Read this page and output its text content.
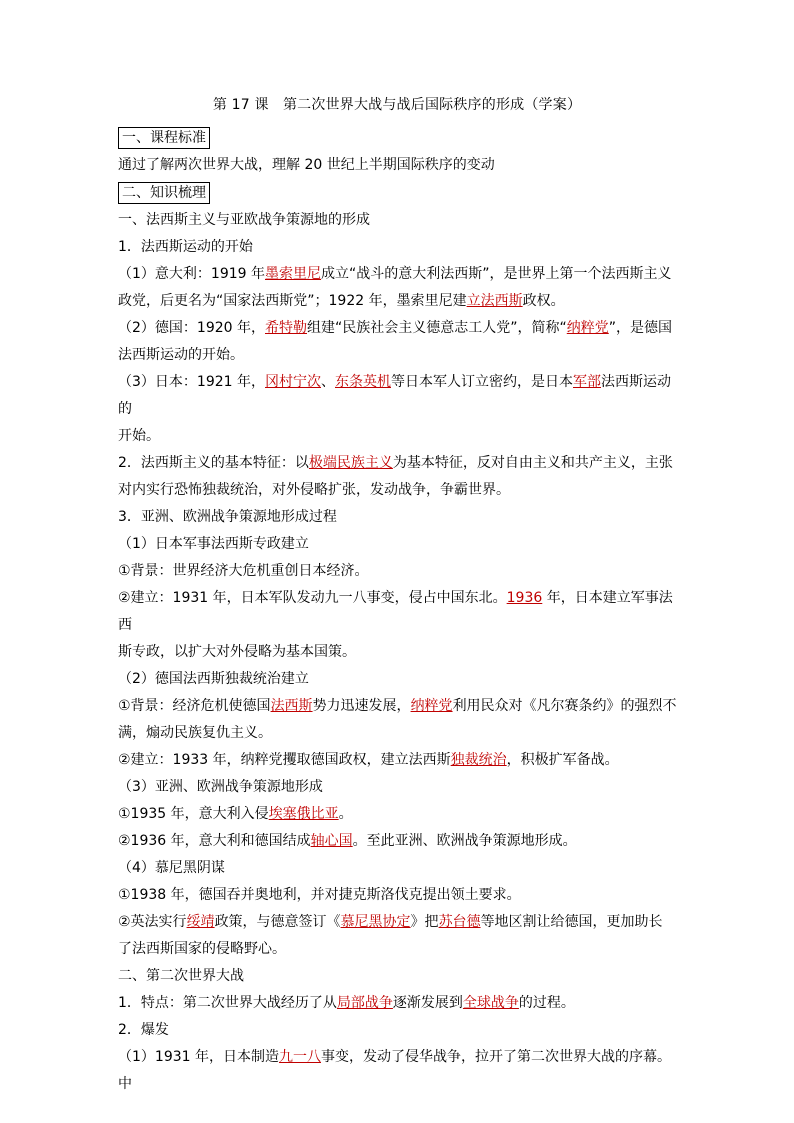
第 17 课　第二次世界大战与战后国际秩序的形成（学案）

一、课程标准

通过了解两次世界大战，理解 20 世纪上半期国际秩序的变动

二、知识梳理

一、法西斯主义与亚欧战争策源地的形成

1．法西斯运动的开始

（1）意大利：1919 年墨索里尼成立“战斗的意大利法西斯”，是世界上第一个法西斯主义

政党，后更名为“国家法西斯党”；1922 年，墨索里尼建立法西斯政权。

（2）德国：1920 年，希特勒组建“民族社会主义德意志工人党”，简称“纳粹党”，是德国

法西斯运动的开始。

（3）日本：1921 年，冈村宁次、东条英机等日本军人订立密约，是日本军部法西斯运动的

开始。

2．法西斯主义的基本特征：以极端民族主义为基本特征，反对自由主义和共产主义，主张

对内实行恐怖独裁统治，对外侵略扩张，发动战争，争霸世界。

3．亚洲、欧洲战争策源地形成过程

（1）日本军事法西斯专政建立

①背景：世界经济大危机重创日本经济。

②建立：1931 年，日本军队发动九一八事变，侵占中国东北。1936 年，日本建立军事法西

斯专政，以扩大对外侵略为基本国策。

（2）德国法西斯独裁统治建立

①背景：经济危机使德国法西斯势力迅速发展，纳粹党利用民众对《凡尔赛条约》的强烈不

满，煽动民族复仇主义。

②建立：1933 年，纳粹党攫取德国政权，建立法西斯独裁统治，积极扩军备战。

（3）亚洲、欧洲战争策源地形成

①1935 年，意大利入侵埃塞俄比亚。

②1936 年，意大利和德国结成轴心国。至此亚洲、欧洲战争策源地形成。

（4）慕尼黑阴谋

①1938 年，德国吞并奥地利，并对捷克斯洛伐克提出领土要求。

②英法实行绥靖政策，与德意签订《慕尼黑协定》把苏台德等地区割让给德国，更加助长

了法西斯国家的侵略野心。

二、第二次世界大战

1．特点：第二次世界大战经历了从局部战争逐渐发展到全球战争的过程。

2．爆发

（1）1931 年，日本制造九一八事变，发动了侵华战争，拉开了第二次世界大战的序幕。中
